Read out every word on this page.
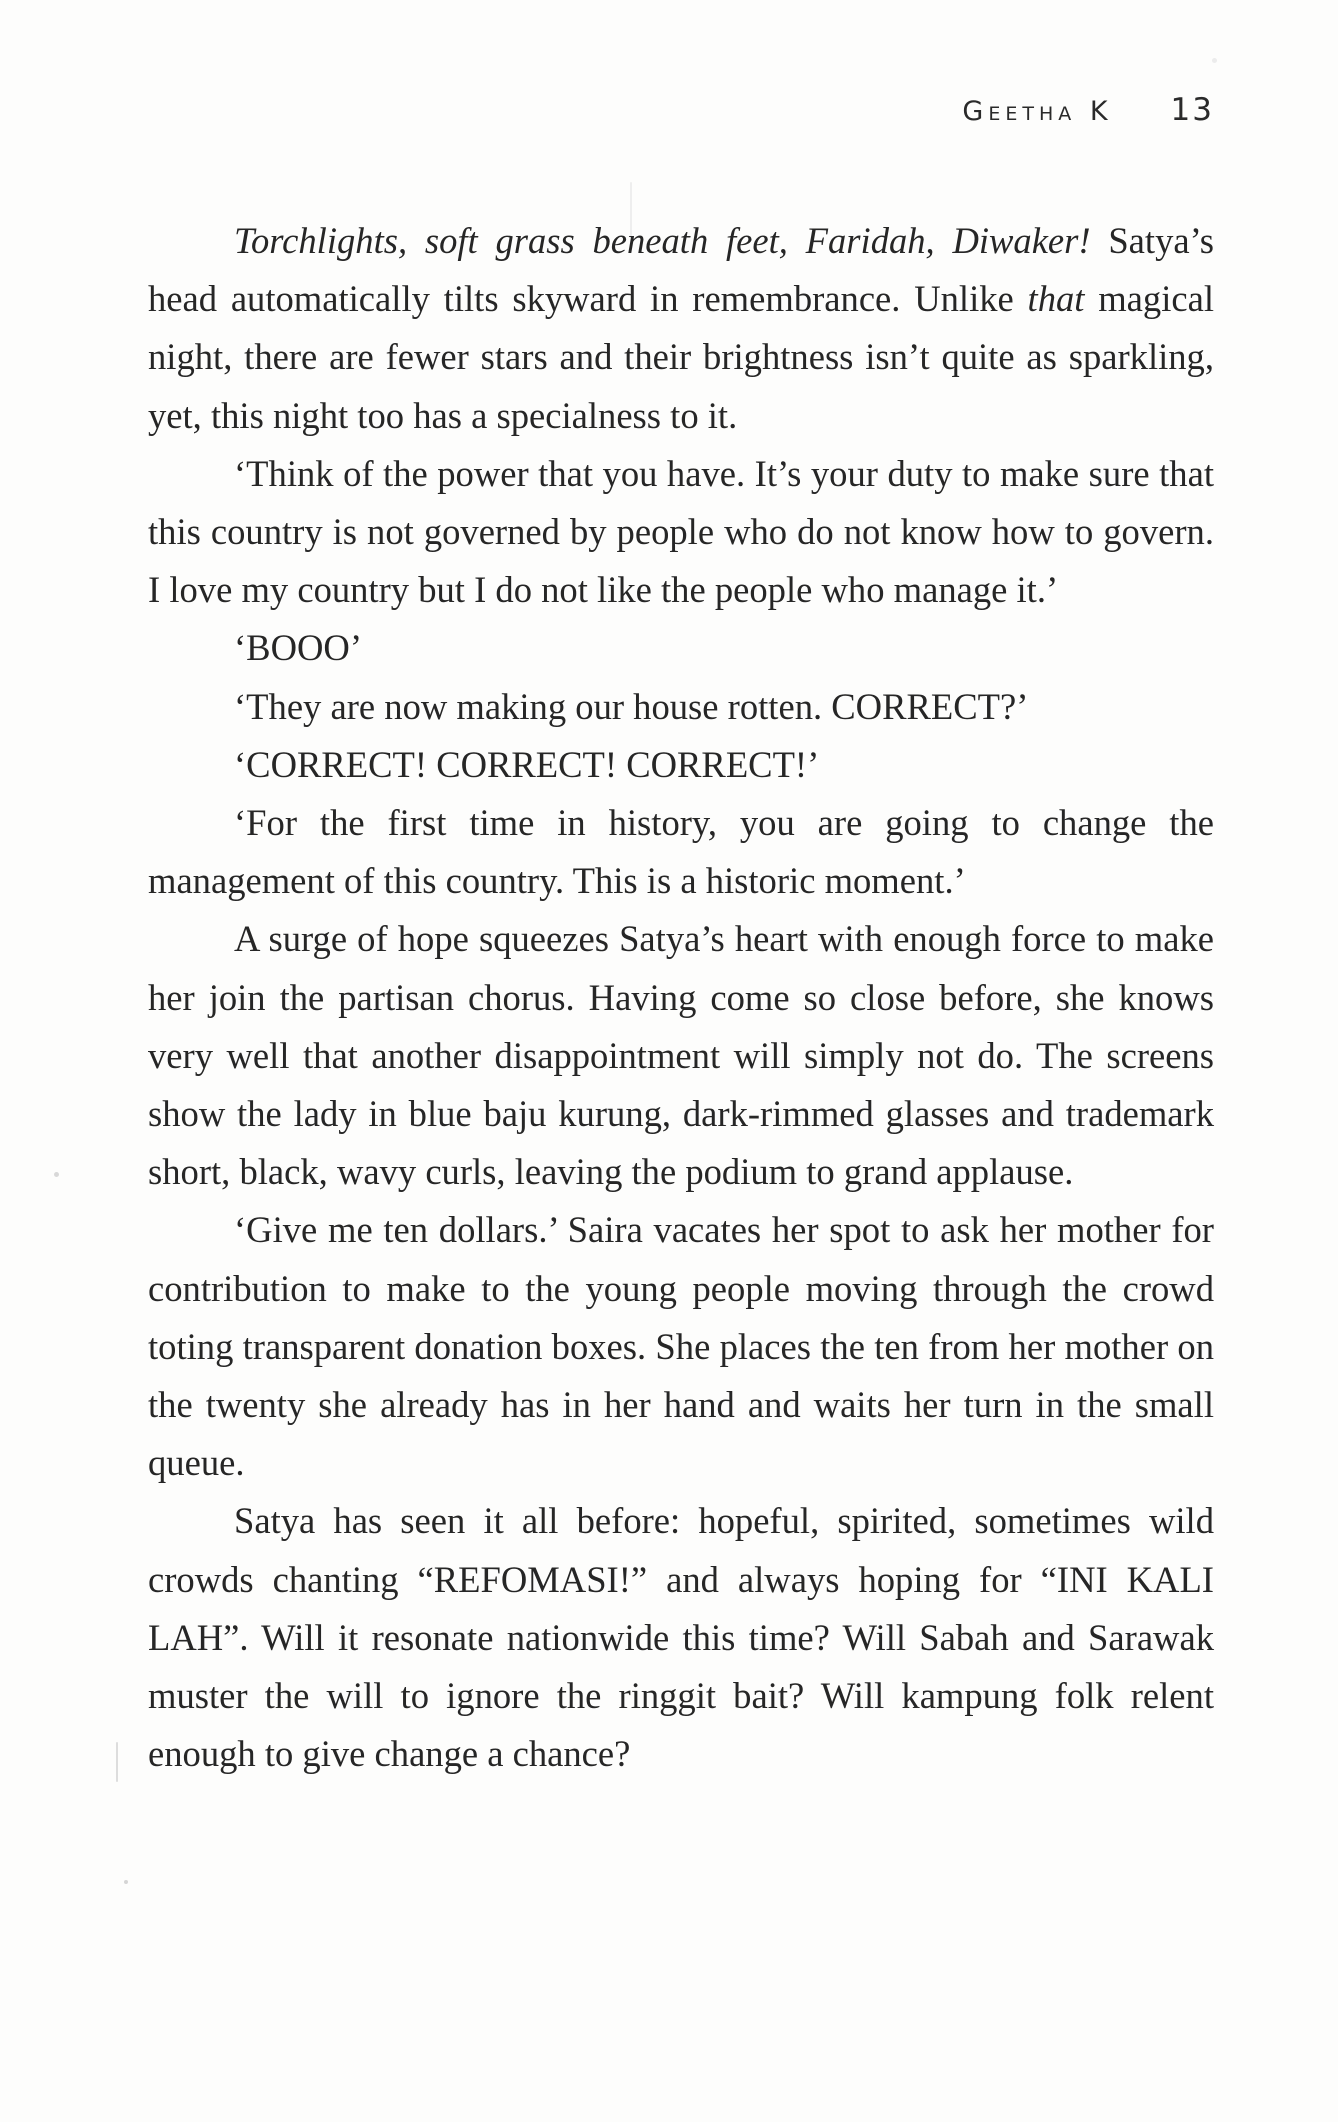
Geetha K 13

Torchlights, soft grass beneath feet, Faridah, Diwaker! Satya’s head automatically tilts skyward in remembrance. Unlike that magical night, there are fewer stars and their brightness isn’t quite as sparkling, yet, this night too has a specialness to it.

‘Think of the power that you have. It’s your duty to make sure that this country is not governed by people who do not know how to govern. I love my country but I do not like the people who manage it.’

‘BOOO’

‘They are now making our house rotten. CORRECT?’

‘CORRECT! CORRECT! CORRECT!’

‘For the first time in history, you are going to change the management of this country. This is a historic moment.’

A surge of hope squeezes Satya’s heart with enough force to make her join the partisan chorus. Having come so close before, she knows very well that another disappointment will simply not do. The screens show the lady in blue baju kurung, dark-rimmed glasses and trademark short, black, wavy curls, leaving the podium to grand applause.

‘Give me ten dollars.’ Saira vacates her spot to ask her mother for contribution to make to the young people moving through the crowd toting transparent donation boxes. She places the ten from her mother on the twenty she already has in her hand and waits her turn in the small queue.

Satya has seen it all before: hopeful, spirited, sometimes wild crowds chanting “REFOMASI!” and always hoping for “INI KALI LAH”. Will it resonate nationwide this time? Will Sabah and Sarawak muster the will to ignore the ringgit bait? Will kampung folk relent enough to give change a chance?
